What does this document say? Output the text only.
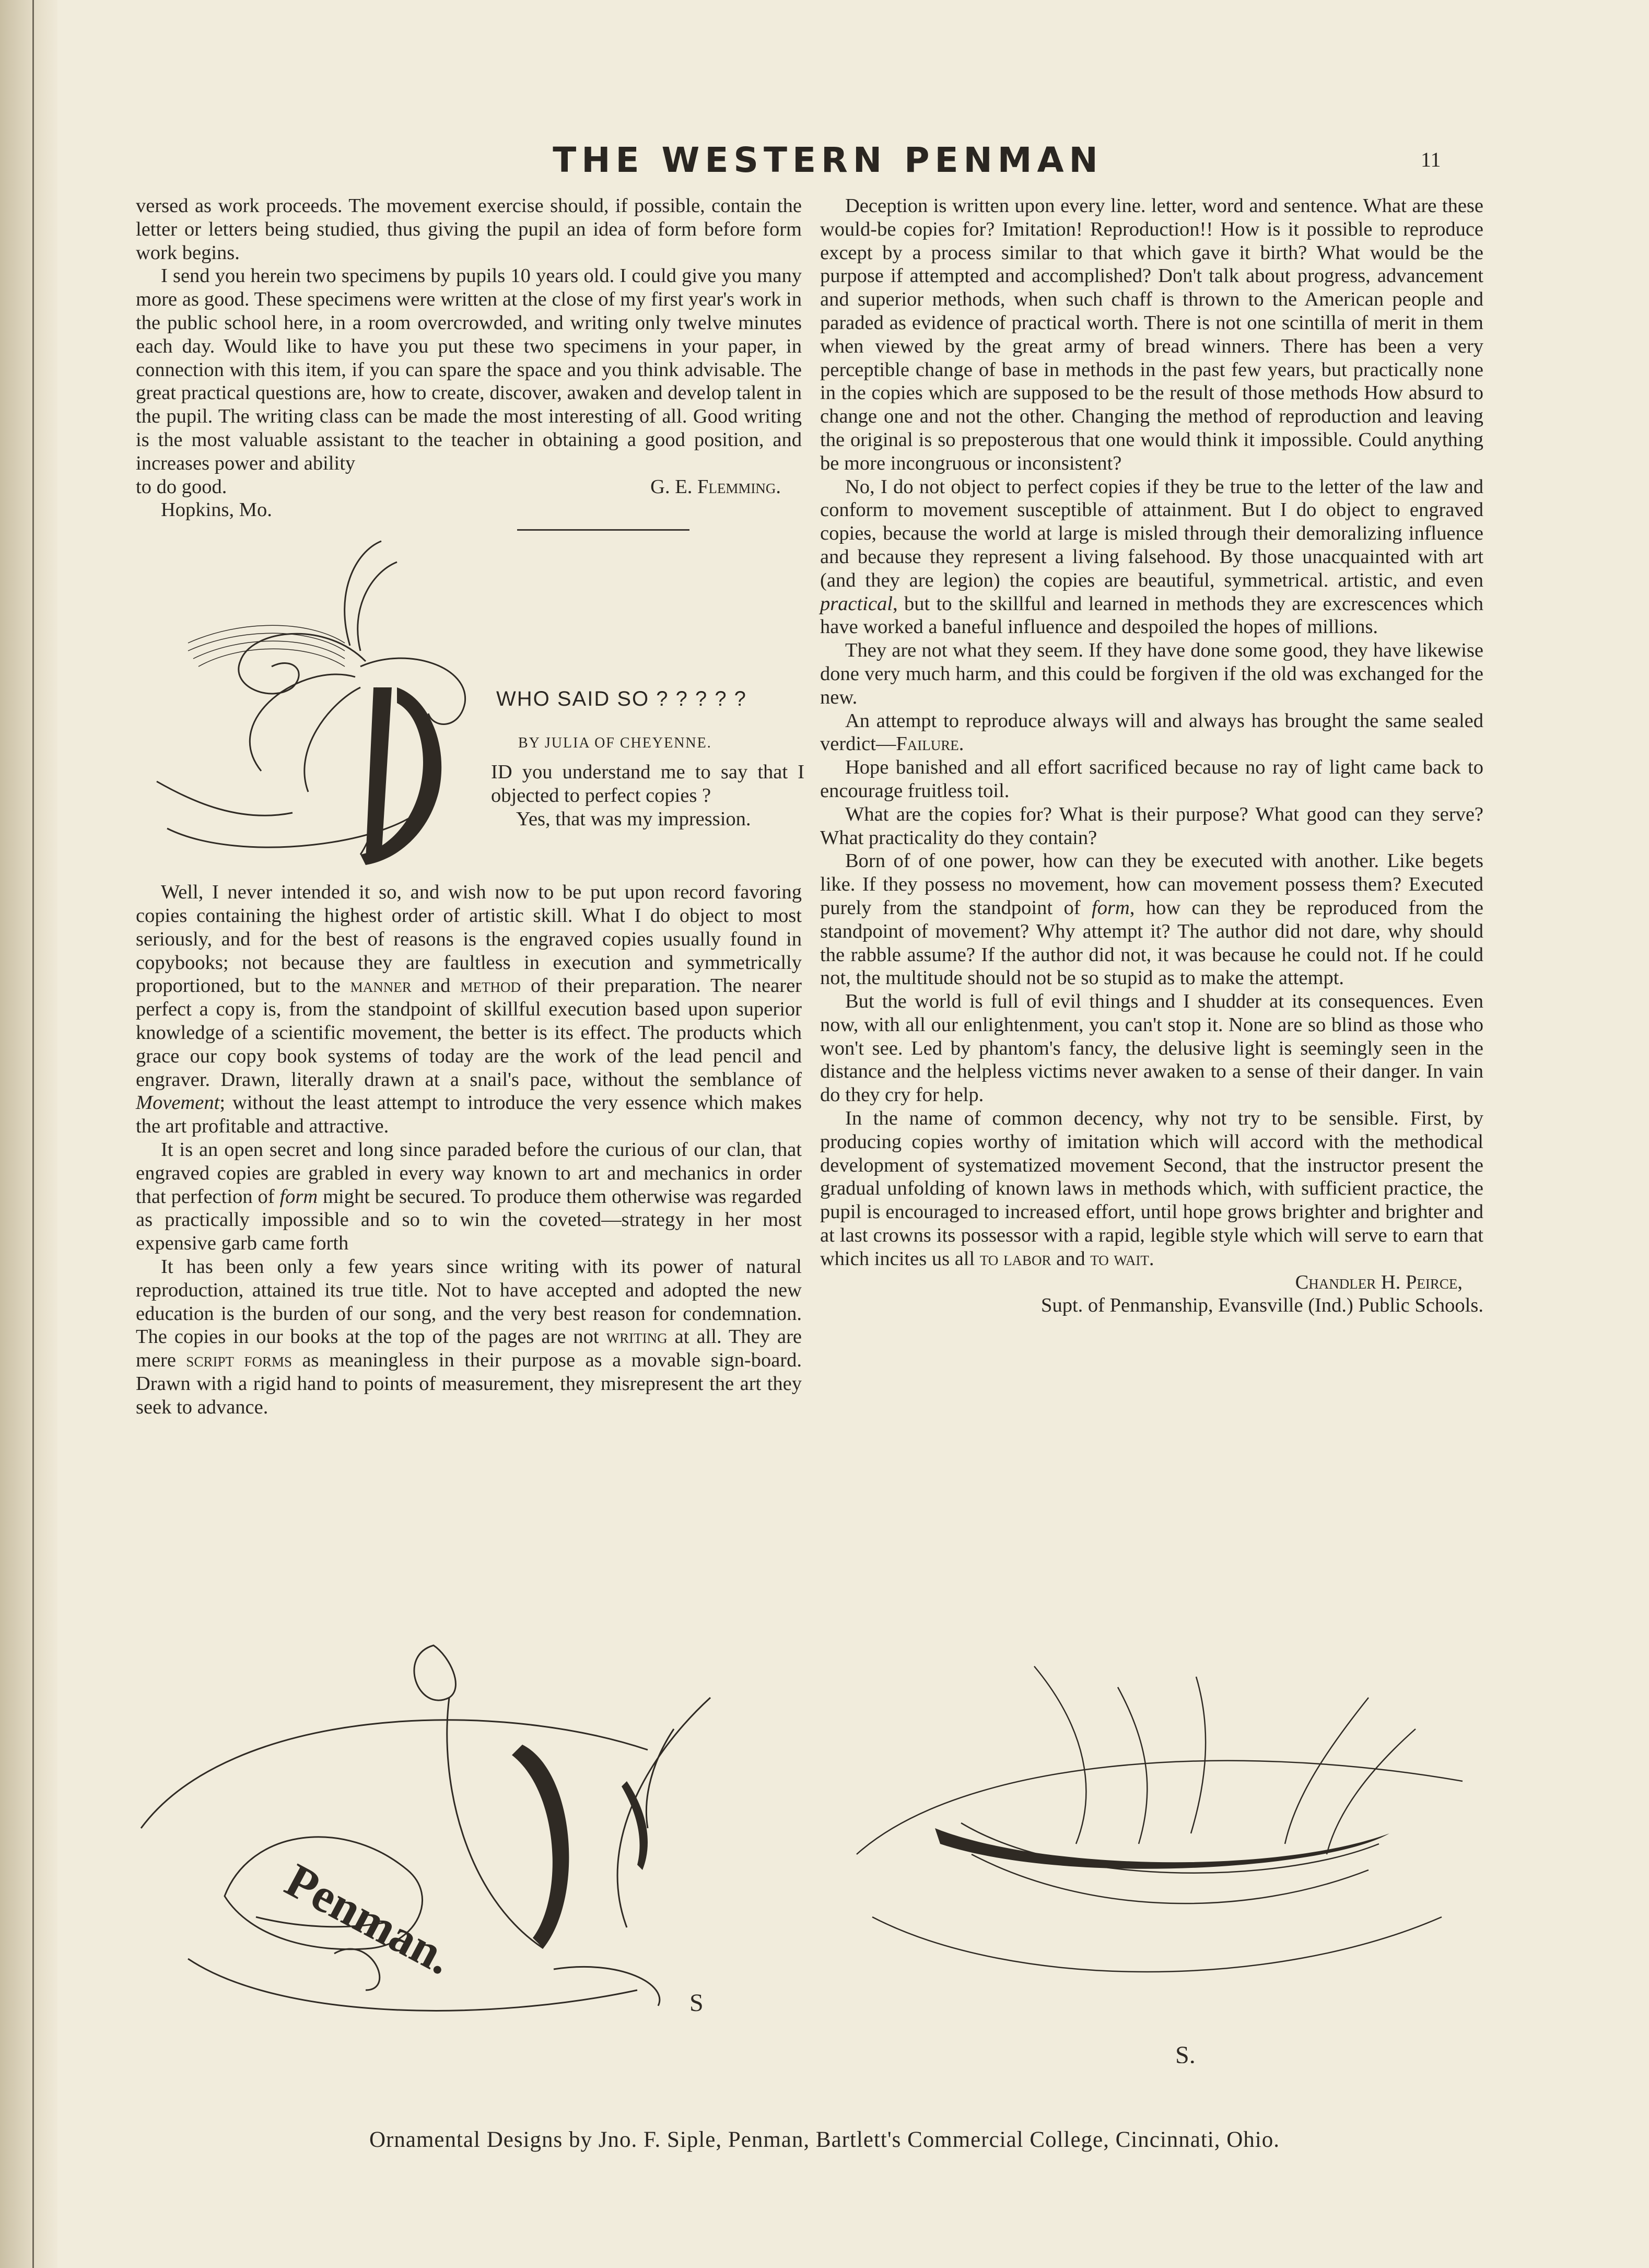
THE WESTERN PENMAN	11

versed as work proceeds. The movement exercise should, if possible, contain the letter or letters being studied, thus giving the pupil an idea of form before form work begins.

I send you herein two specimens by pupils 10 years old. I could give you many more as good. These specimens were written at the close of my first year's work in the public school here, in a room overcrowded, and writing only twelve minutes each day. Would like to have you put these two specimens in your paper, in connection with this item, if you can spare the space and you think advisable. The great practical questions are, how to create, discover, awaken and develop talent in the pupil. The writing class can be made the most interesting of all. Good writing is the most valuable assistant to the teacher in obtaining a good position, and increases power and ability

to do good.	G. E. Flemming.

Hopkins, Mo.

WHO SAID SO ? ? ? ? ?
BY JULIA OF CHEYENNE.

ID you understand me to say that I objected to perfect copies ?

Yes, that was my impression.

Well, I never intended it so, and wish now to be put upon record favoring copies containing the highest order of artistic skill. What I do object to most seriously, and for the best of reasons is the engraved copies usually found in copybooks; not because they are faultless in execution and symmetrically proportioned, but to the manner and method of their preparation. The nearer perfect a copy is, from the standpoint of skillful execution based upon superior knowledge of a scientific movement, the better is its effect. The products which grace our copy book systems of today are the work of the lead pencil and engraver. Drawn, literally drawn at a snail's pace, without the semblance of Movement; without the least attempt to introduce the very essence which makes the art profitable and attractive.

It is an open secret and long since paraded before the curious of our clan, that engraved copies are grabled in every way known to art and mechanics in order that perfection of form might be secured. To produce them otherwise was regarded as practically impossible and so to win the coveted—strategy in her most expensive garb came forth

It has been only a few years since writing with its power of natural reproduction, attained its true title. Not to have accepted and adopted the new education is the burden of our song, and the very best reason for condemnation. The copies in our books at the top of the pages are not writing at all. They are mere script forms as meaningless in their purpose as a movable sign-board. Drawn with a rigid hand to points of measurement, they misrepresent the art they seek to advance.

Deception is written upon every line. letter, word and sentence. What are these would-be copies for? Imitation! Reproduction!! How is it possible to reproduce except by a process similar to that which gave it birth? What would be the purpose if attempted and accomplished? Don't talk about progress, advancement and superior methods, when such chaff is thrown to the American people and paraded as evidence of practical worth. There is not one scintilla of merit in them when viewed by the great army of bread winners. There has been a very perceptible change of base in methods in the past few years, but practically none in the copies which are supposed to be the result of those methods How absurd to change one and not the other. Changing the method of reproduction and leaving the original is so preposterous that one would think it impossible. Could anything be more incongruous or inconsistent?

No, I do not object to perfect copies if they be true to the letter of the law and conform to movement susceptible of attainment. But I do object to engraved copies, because the world at large is misled through their demoralizing influence and because they represent a living falsehood. By those unacquainted with art (and they are legion) the copies are beautiful, symmetrical. artistic, and even practical, but to the skillful and learned in methods they are excrescences which have worked a baneful influence and despoiled the hopes of millions.

They are not what they seem. If they have done some good, they have likewise done very much harm, and this could be forgiven if the old was exchanged for the new.

An attempt to reproduce always will and always has brought the same sealed verdict—Failure.

Hope banished and all effort sacrificed because no ray of light came back to encourage fruitless toil.

What are the copies for? What is their purpose? What good can they serve? What practicality do they contain?

Born of of one power, how can they be executed with another. Like begets like. If they possess no movement, how can movement possess them? Executed purely from the standpoint of form, how can they be reproduced from the standpoint of movement? Why attempt it? The author did not dare, why should the rabble assume? If the author did not, it was because he could not. If he could not, the multitude should not be so stupid as to make the attempt.

But the world is full of evil things and I shudder at its consequences. Even now, with all our enlightenment, you can't stop it. None are so blind as those who won't see. Led by phantom's fancy, the delusive light is seemingly seen in the distance and the helpless victims never awaken to a sense of their danger. In vain do they cry for help.

In the name of common decency, why not try to be sensible. First, by producing copies worthy of imitation which will accord with the methodical development of systematized movement Second, that the instructor present the gradual unfolding of known laws in methods which, with sufficient practice, the pupil is encouraged to increased effort, until hope grows brighter and brighter and at last crowns its possessor with a rapid, legible style which will serve to earn that which incites us all to labor and to wait.

Chandler H. Peirce,

Supt. of Penmanship, Evansville (Ind.) Public Schools.

Penman.
S
S.
Ornamental Designs by Jno. F. Siple, Penman, Bartlett's Commercial College, Cincinnati, Ohio.
